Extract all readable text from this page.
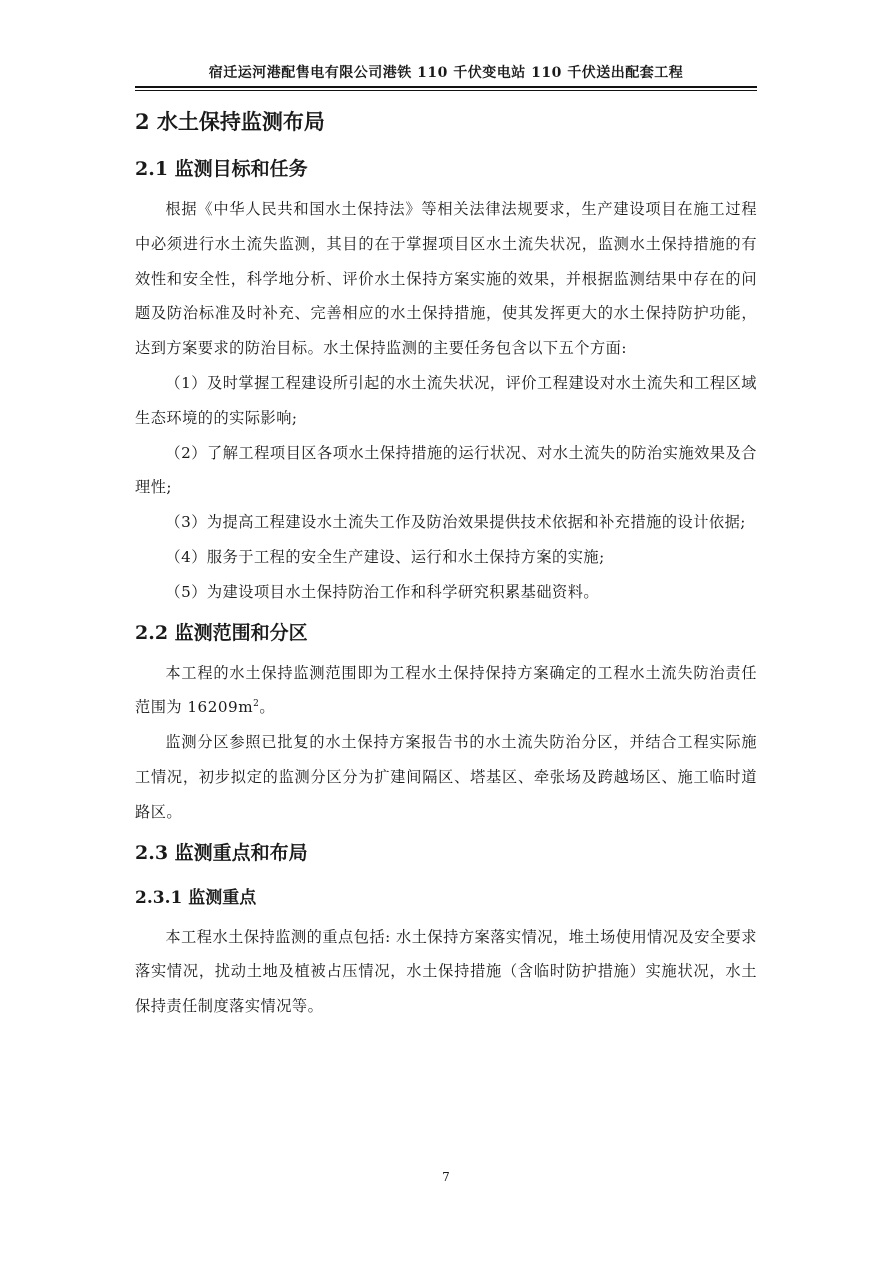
宿迁运河港配售电有限公司港铁 110 千伏变电站 110 千伏送出配套工程
2 水土保持监测布局
2.1 监测目标和任务

根据《中华人民共和国水土保持法》等相关法律法规要求，生产建设项目在施工过程中必须进行水土流失监测，其目的在于掌握项目区水土流失状况，监测水土保持措施的有效性和安全性，科学地分析、评价水土保持方案实施的效果，并根据监测结果中存在的问题及防治标准及时补充、完善相应的水土保持措施，使其发挥更大的水土保持防护功能，达到方案要求的防治目标。水土保持监测的主要任务包含以下五个方面:

（1）及时掌握工程建设所引起的水土流失状况，评价工程建设对水土流失和工程区域生态环境的的实际影响;

（2）了解工程项目区各项水土保持措施的运行状况、对水土流失的防治实施效果及合理性;

（3）为提高工程建设水土流失工作及防治效果提供技术依据和补充措施的设计依据;

（4）服务于工程的安全生产建设、运行和水土保持方案的实施;

（5）为建设项目水土保持防治工作和科学研究积累基础资料。

2.2 监测范围和分区

本工程的水土保持监测范围即为工程水土保持保持方案确定的工程水土流失防治责任范围为 $16209m^2$。

监测分区参照已批复的水土保持方案报告书的水土流失防治分区，并结合工程实际施工情况，初步拟定的监测分区分为扩建间隔区、塔基区、牵张场及跨越场区、施工临时道路区。

2.3 监测重点和布局
2.3.1 监测重点

本工程水土保持监测的重点包括: 水土保持方案落实情况，堆土场使用情况及安全要求落实情况，扰动土地及植被占压情况，水土保持措施（含临时防护措施）实施状况，水土保持责任制度落实情况等。

7
